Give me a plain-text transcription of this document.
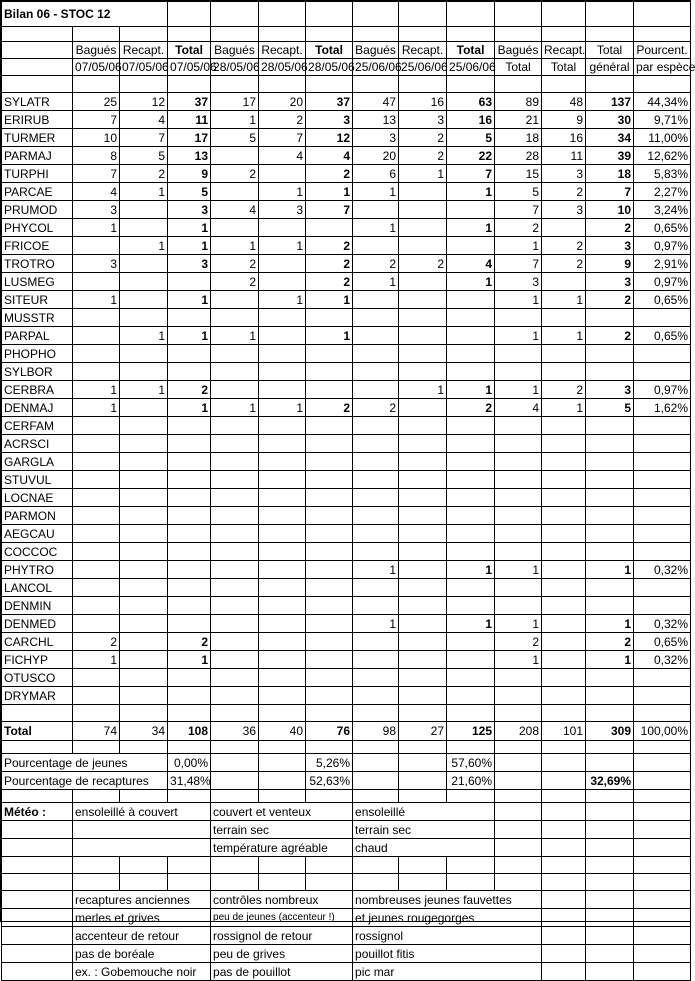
Bilan 06 - STOC 12														

	Bagués	Recapt.	Total	Bagués	Recapt.	Total	Bagués	Recapt.	Total	Bagués	Recapt.	Total	Pourcent.	
	07/05/06	07/05/06	07/05/06	28/05/06	28/05/06	28/05/06	25/06/06	25/06/06	25/06/06	Total	Total	général	par espèce	

SYLATR	25	12	37	17	20	37	47	16	63	89	48	137	44,34%	
ERIRUB	7	4	11	1	2	3	13	3	16	21	9	30	9,71%	
TURMER	10	7	17	5	7	12	3	2	5	18	16	34	11,00%	
PARMAJ	8	5	13		4	4	20	2	22	28	11	39	12,62%	
TURPHI	7	2	9	2		2	6	1	7	15	3	18	5,83%	
PARCAE	4	1	5		1	1	1		1	5	2	7	2,27%	
PRUMOD	3		3	4	3	7				7	3	10	3,24%	
PHYCOL	1		1				1		1	2		2	0,65%	
FRICOE		1	1	1	1	2				1	2	3	0,97%	
TROTRO	3		3	2		2	2	2	4	7	2	9	2,91%	
LUSMEG				2		2	1		1	3		3	0,97%	
SITEUR	1		1		1	1				1	1	2	0,65%	
MUSSTR														
PARPAL		1	1	1		1				1	1	2	0,65%	
PHOPHO														
SYLBOR														
CERBRA	1	1	2					1	1	1	2	3	0,97%	
DENMAJ	1		1	1	1	2	2		2	4	1	5	1,62%	
CERFAM														
ACRSCI														
GARGLA														
STUVUL														
LOCNAE														
PARMON														
AEGCAU														
COCCOC														
PHYTRO							1		1	1		1	0,32%	
LANCOL														
DENMIN														
DENMED							1		1	1		1	0,32%	
CARCHL	2		2							2		2	0,65%	
FICHYP	1		1							1		1	0,32%	
OTUSCO														
DRYMAR														

Total	74	34	108	36	40	76	98	27	125	208	101	309	100,00%	

Pourcentage de jeunes			0,00%			5,26%			57,60%					
Pourcentage de recaptures			31,48%			52,63%			21,60%			32,69%		

Météo :	ensoleillé à couvert			couvert et venteux			ensoleillé							
				terrain sec			terrain sec							
				température agréable			chaud							

	recaptures anciennes			contrôles nombreux			nombreuses jeunes fauvettes							
	merles et grives			peu de jeunes (accenteur !)			et jeunes rougegorges							
	accenteur de retour			rossignol de retour			rossignol							
	pas de boréale			peu de grives			pouillot fitis							
	ex. : Gobemouche noir			pas de pouillot			pic mar							
